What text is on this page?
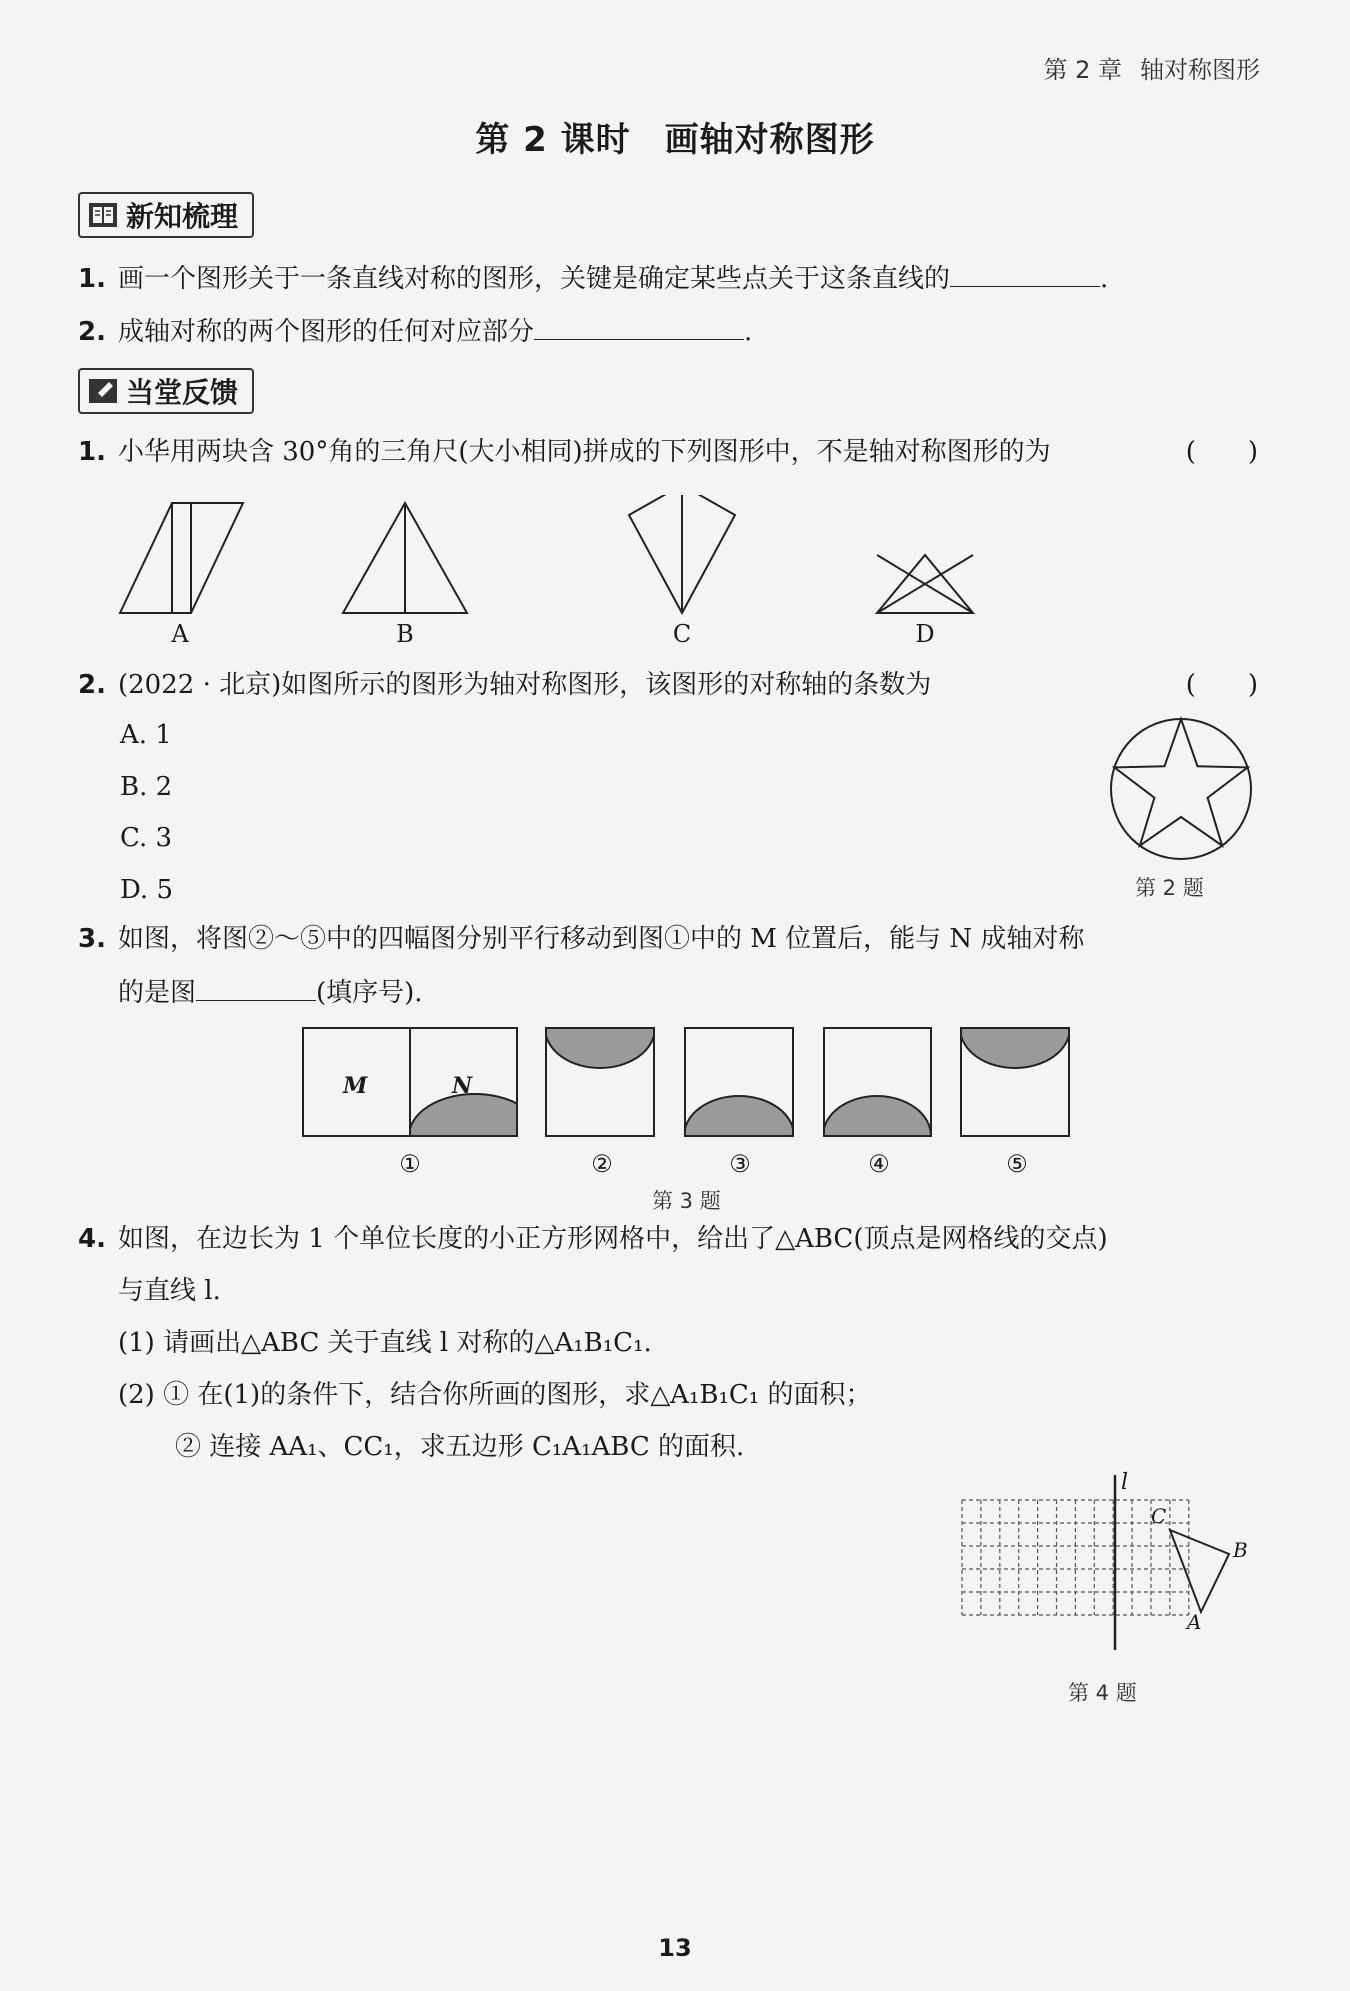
第 2 章 轴对称图形
第 2 课时 画轴对称图形
新知梳理
1. 画一个图形关于一条直线对称的图形，关键是确定某些点关于这条直线的	.
2. 成轴对称的两个图形的任何对应部分	.
当堂反馈
1. 小华用两块含 30°角的三角尺(大小相同)拼成的下列图形中，不是轴对称图形的为	(　　)
A	B	C	D
2. (2022 · 北京)如图所示的图形为轴对称图形，该图形的对称轴的条数为	(　　)
A. 1
B. 2
C. 3
D. 5	第 2 题
3. 如图，将图②～⑤中的四幅图分别平行移动到图①中的 M 位置后，能与 N 成轴对称
的是图	(填序号).
M	N
①	②	③	④	⑤
第 3 题
4. 如图，在边长为 1 个单位长度的小正方形网格中，给出了△ABC(顶点是网格线的交点)
与直线 l.
(1) 请画出△ABC 关于直线 l 对称的△A₁B₁C₁.
(2) ① 在(1)的条件下，结合你所画的图形，求△A₁B₁C₁ 的面积；
② 连接 AA₁、CC₁，求五边形 C₁A₁ABC 的面积.
l
C
B
A
第 4 题
13
